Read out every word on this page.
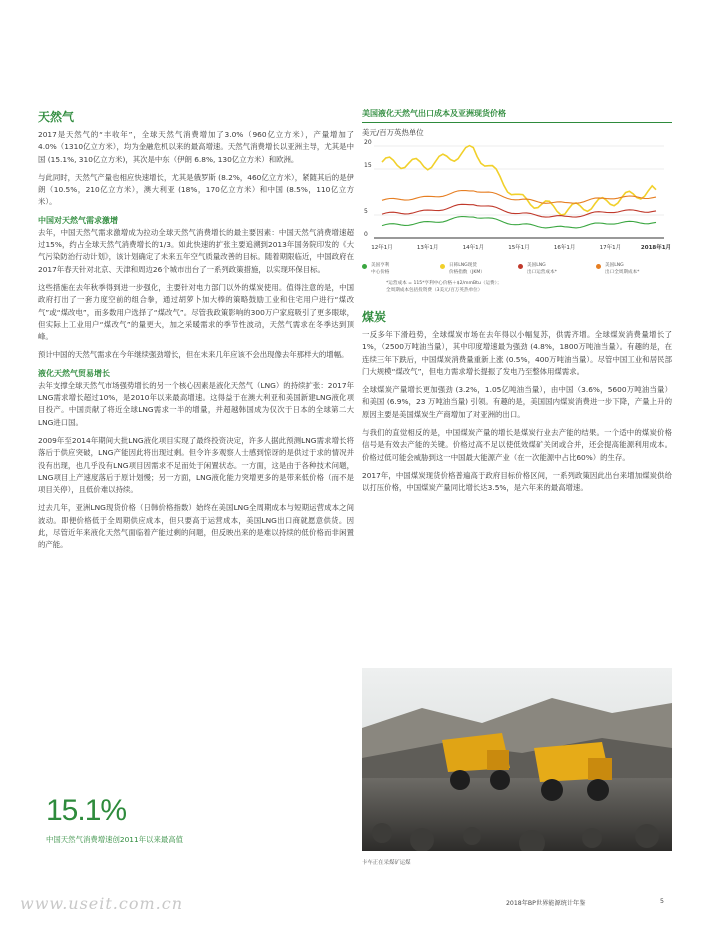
天然气

2017是天然气的“丰收年”，全球天然气消费增加了3.0%（960亿立方米），产量增加了4.0%（1310亿立方米），均为金融危机以来的最高增速。天然气消费增长以亚洲主导，尤其是中国 (15.1%, 310亿立方米)，其次是中东（伊朗 6.8%, 130亿立方米）和欧洲。

与此同时，天然气产量也相应快速增长，尤其是俄罗斯 (8.2%，460亿立方米），紧随其后的是伊朗（10.5%，210亿立方米），澳大利亚 (18%，170亿立方米）和中国 (8.5%，110亿立方米）。

中国对天然气需求激增

去年，中国天然气需求激增成为拉动全球天然气消费增长的最主要因素：中国天然气消费增速超过15%，约占全球天然气消费增长的1/3。如此快速的扩张主要追溯到2013年国务院印发的《大气污染防治行动计划》，该计划确定了未来五年空气质量改善的目标。随着期限临近，中国政府在2017年春天针对北京、天津和周边26个城市出台了一系列政策措施，以实现环保目标。

这些措施在去年秋季得到进一步强化，主要针对电力部门以外的煤炭使用。值得注意的是，中国政府打出了一套力度空前的组合拳，通过胡萝卜加大棒的策略鼓励工业和住宅用户进行“煤改气”或“煤改电”，而多数用户选择了“煤改气”。尽管我政策影响的300万户家庭吸引了更多眼球，但实际上工业用户“煤改气”的量更大，加之采暖需求的季节性波动，天然气需求在冬季达到顶峰。

预计中国的天然气需求在今年继续强劲增长，但在未来几年应该不会出现像去年那样大的增幅。

液化天然气贸易增长

去年支撑全球天然气市场强势增长的另一个核心因素是液化天然气（LNG）的持续扩张：2017年LNG需求增长超过10%，是2010年以来最高增速。这得益于在澳大利亚和美国新建LNG液化项目投产。中国贡献了将近全球LNG需求一半的增量，并超越韩国成为仅次于日本的全球第二大LNG进口国。

2009年至2014年期间大批LNG液化项目实现了最终投资决定，许多人据此预测LNG需求增长将落后于供应突破，LNG产能因此将出现过剩。但令许多观察人士感到惊讶的是供过于求的情况并没有出现，也几乎没有LNG项目因需求不足而处于闲置状态。一方面，这是由于各种技术问题，LNG项目上产速度落后于原计划慢；另一方面，LNG液化能力突增更多的是带来低价格（而不是项目关停），且低价难以持续。

过去几年，亚洲LNG现货价格（日韩价格指数）始终在美国LNG全周期成本与短期运营成本之间波动。即便价格低于全周期供应成本，但只要高于运营成本，美国LNG出口商就愿意供货。因此，尽管近年来液化天然气面临着产能过剩的问题，但反映出来的是难以持续的低价格而非闲置的产能。

美国液化天然气出口成本及亚洲现货价格
美元/百万英热单位
0
5
15
20
12年1月	13年1月	14年1月	15年1月	16年1月	17年1月	2018年1月
美国亨利
中心价格
日韩LNG现货
价格指数（JKM）
美国LNG
出口运营成本*
美国LNG
出口全周期成本*
*运营成本 = 115*亨利中心价格＋$2/mmBtu（运费）；
全周期成本包括投资费（3美元/百万英热单位）
煤炭

一反多年下滑趋势，全球煤炭市场在去年得以小幅复苏，供需齐增。全球煤炭消费量增长了1%，（2500万吨油当量），其中印度增速最为强劲 (4.8%，1800万吨油当量）。有趣的是，在连续三年下跌后，中国煤炭消费量重新上涨 (0.5%，400万吨油当量）。尽管中国工业和居民部门大规模“煤改气”，但电力需求增长提振了发电乃至整体用煤需求。

全球煤炭产量增长更加强劲 (3.2%，1.05亿吨油当量），由中国（3.6%，5600万吨油当量）和美国 (6.9%，23 万吨油当量) 引领。有趣的是，美国国内煤炭消费进一步下降，产量上升的原因主要是美国煤炭生产商增加了对亚洲的出口。

与我们的直觉相反的是，中国煤炭产量的增长是煤炭行业去产能的结果。一个适中的煤炭价格信号是有效去产能的关键。价格过高不足以使低效煤矿关闭或合并，还会提高能源利用成本。价格过低可能会威胁到这一中国最大能源产业（在一次能源中占比60%）的生存。

2017年，中国煤炭现货价格普遍高于政府目标价格区间，一系列政策因此出台来增加煤炭供给以打压价格，中国煤炭产量同比增长达3.5%，是六年来的最高增速。

卡车正在采煤矿运煤
15.1%
中国天然气消费增速创2011年以来最高值
www.useit.com.cn	2018年BP世界能源统计年鉴	5
